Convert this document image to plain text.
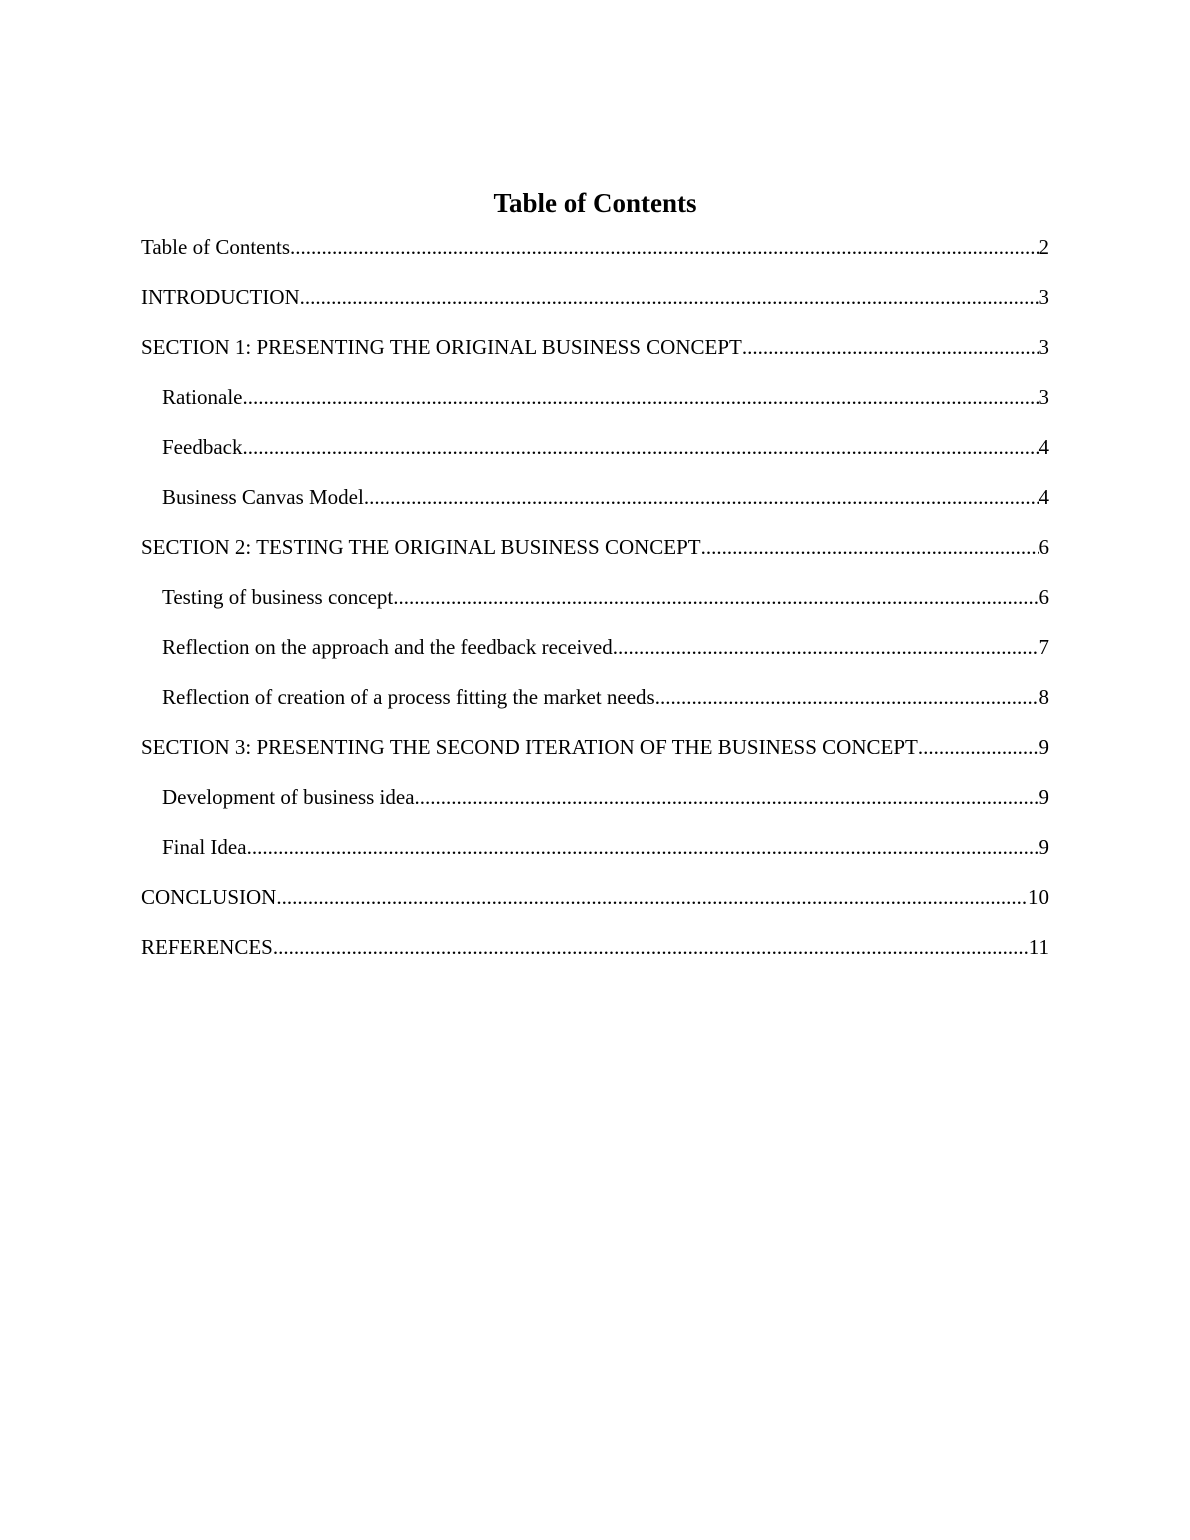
Table of Contents
Table of Contents .....	2
INTRODUCTION .....	3
SECTION 1: PRESENTING THE ORIGINAL BUSINESS CONCEPT .....	3
Rationale .....	3
Feedback .....	4
Business Canvas Model .....	4
SECTION 2: TESTING THE ORIGINAL BUSINESS CONCEPT .....	6
Testing of business concept .....	6
Reflection on the approach and the feedback received .....	7
Reflection of creation of a process fitting the market needs .....	8
SECTION 3: PRESENTING THE SECOND ITERATION OF THE BUSINESS CONCEPT .....	9
Development of business idea .....	9
Final Idea .....	9
CONCLUSION .....	10
REFERENCES .....	11
